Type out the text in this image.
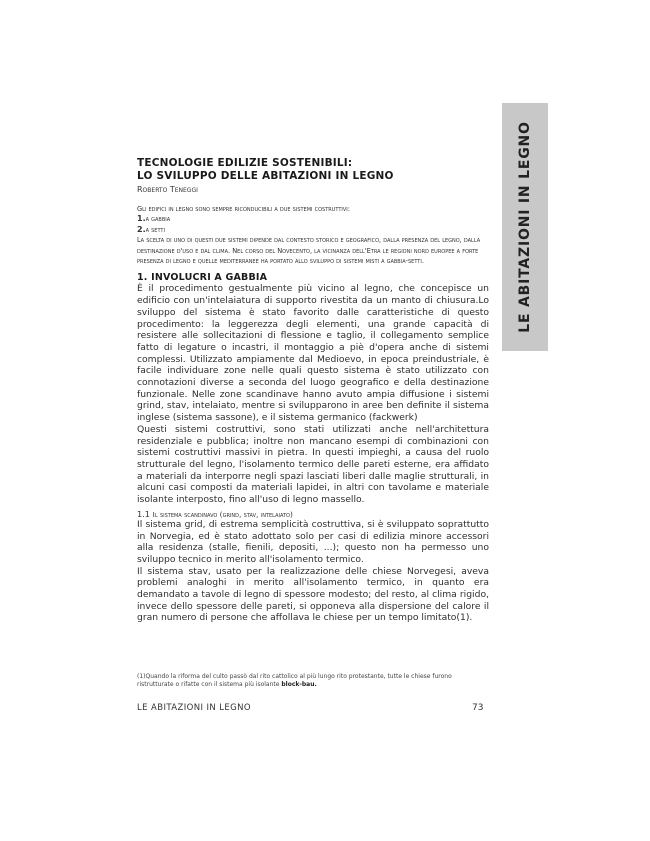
LE ABITAZIONI IN LEGNO
TECNOLOGIE EDILIZIE SOSTENIBILI:
LO SVILUPPO DELLE ABITAZIONI IN LEGNO
Roberto Teneggi
Gli edifici in legno sono sempre riconducibili a due sistemi costruttivi:
1.a gabbia
2.a setti
La scelta di uno di questi due sistemi dipende dal contesto storico e geografico, dalla presenza del legno, dalla destinazione d'uso e dal clima. Nel corso del Novecento, la vicinanza dell'Etra le regioni nord europee a forte presenza di legno e quelle mediterranee ha portato allo sviluppo di sistemi misti a gabbia-setti.
1. INVOLUCRI A GABBIA

È il procedimento gestualmente più vicino al legno, che concepisce un edificio con un'intelaiatura di supporto rivestita da un manto di chiusura.Lo sviluppo del sistema è stato favorito dalle caratteristiche di questo procedimento: la leggerezza degli elementi, una grande capacità di resistere alle sollecitazioni di flessione e taglio, il collegamento semplice fatto di legature o incastri, il montaggio a piè d'opera anche di sistemi complessi. Utilizzato ampiamente dal Medioevo, in epoca preindustriale, è facile individuare zone nelle quali questo sistema è stato utilizzato con connotazioni diverse a seconda del luogo geografico e della destinazione funzionale. Nelle zone scandinave hanno avuto ampia diffusione i sistemi grind, stav, intelaiato, mentre si svilupparono in aree ben definite il sistema inglese (sistema sassone), e il sistema germanico (fackwerk)

Questi sistemi costruttivi, sono stati utilizzati anche nell'architettura residenziale e pubblica; inoltre non mancano esempi di combinazioni con sistemi costruttivi massivi in pietra. In questi impieghi, a causa del ruolo strutturale del legno, l'isolamento termico delle pareti esterne, era affidato a materiali da interporre negli spazi lasciati liberi dalle maglie strutturali, in alcuni casi composti da materiali lapidei, in altri con tavolame e materiale isolante interposto, fino all'uso di legno massello.

1.1 Il sistema scandinavo (grind, stav, intelaiato)

Il sistema grid, di estrema semplicità costruttiva, si è sviluppato soprattutto in Norvegia, ed è stato adottato solo per casi di edilizia minore accessori alla residenza (stalle, fienili, depositi, ...); questo non ha permesso uno sviluppo tecnico in merito all'isolamento termico.

Il sistema stav, usato per la realizzazione delle chiese Norvegesi, aveva problemi analoghi in merito all'isolamento termico, in quanto era demandato a tavole di legno di spessore modesto; del resto, al clima rigido, invece dello spessore delle pareti, si opponeva alla dispersione del calore il gran numero di persone che affollava le chiese per un tempo limitato(1).

(1)Quando la riforma del culto passò dal rito cattolico al più lungo rito protestante, tutte le chiese furono ristrutturate o rifatte con il sistema più isolante block-bau.
LE ABITAZIONI IN LEGNO	73
